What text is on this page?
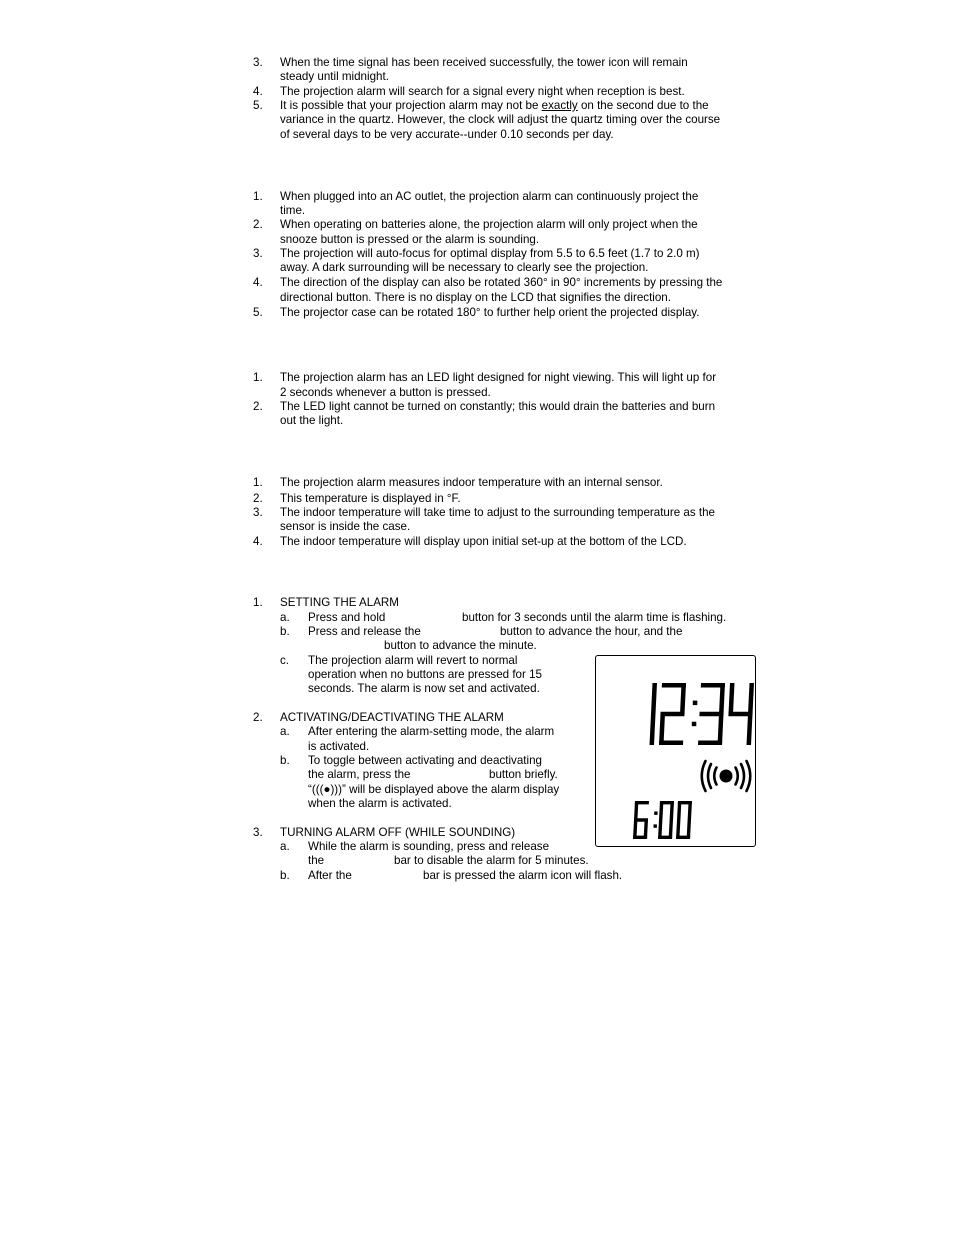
3.	When the time signal has been received successfully, the tower icon will remain
steady until midnight.
4.	The projection alarm will search for a signal every night when reception is best.
5.	It is possible that your projection alarm may not be exactly on the second due to the
variance in the quartz. However, the clock will adjust the quartz timing over the course
of several days to be very accurate--under 0.10 seconds per day.
1.	When plugged into an AC outlet, the projection alarm can continuously project the
time.
2.	When operating on batteries alone, the projection alarm will only project when the
snooze button is pressed or the alarm is sounding.
3.	The projection will auto-focus for optimal display from 5.5 to 6.5 feet (1.7 to 2.0 m)
away. A dark surrounding will be necessary to clearly see the projection.
4.	The direction of the display can also be rotated 360° in 90° increments by pressing the
directional button. There is no display on the LCD that signifies the direction.
5.	The projector case can be rotated 180° to further help orient the projected display.
1.	The projection alarm has an LED light designed for night viewing. This will light up for
2 seconds whenever a button is pressed.
2.	The LED light cannot be turned on constantly; this would drain the batteries and burn
out the light.
1.	The projection alarm measures indoor temperature with an internal sensor.
2.	This temperature is displayed in °F.
3.	The indoor temperature will take time to adjust to the surrounding temperature as the
sensor is inside the case.
4.	The indoor temperature will display upon initial set-up at the bottom of the LCD.
1.	SETTING THE ALARM
a.	Press and hold	button for 3 seconds until the alarm time is flashing.
b.	Press and release the	button to advance the hour, and the
button to advance the minute.
c.	The projection alarm will revert to normal
operation when no buttons are pressed for 15
seconds. The alarm is now set and activated.
2.	ACTIVATING/DEACTIVATING THE ALARM
a.	After entering the alarm-setting mode, the alarm
is activated.
b.	To toggle between activating and deactivating
the alarm, press the	button briefly.
“(((●)))” will be displayed above the alarm display
when the alarm is activated.
3.	TURNING ALARM OFF (WHILE SOUNDING)
a.	While the alarm is sounding, press and release
the	bar to disable the alarm for 5 minutes.
b.	After the	bar is pressed the alarm icon will flash.
